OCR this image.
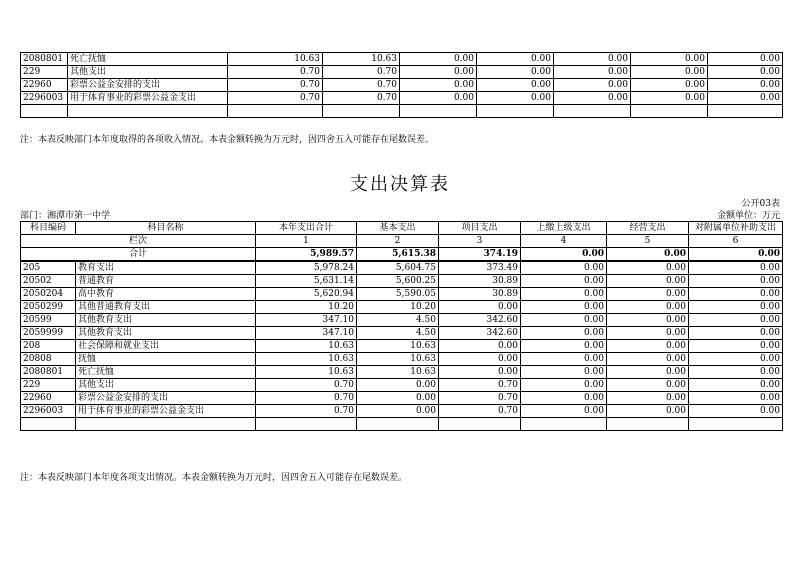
2080801	死亡抚恤	10.63	10.63	0.00	0.00	0.00	0.00	0.00
229	其他支出	0.70	0.70	0.00	0.00	0.00	0.00	0.00
22960	彩票公益金安排的支出	0.70	0.70	0.00	0.00	0.00	0.00	0.00
2296003	用于体育事业的彩票公益金支出	0.70	0.70	0.00	0.00	0.00	0.00	0.00

注：本表反映部门本年度取得的各项收入情况。本表金额转换为万元时，因四舍五入可能存在尾数误差。
支出决算表
公开03表
部门：湘潭市第一中学	金额单位：万元
科目编码	科目名称	本年支出合计	基本支出	项目支出	上缴上级支出	经营支出	对附属单位补助支出
栏次		1	2	3	4	5	6
合计		5,989.57	5,615.38	374.19	0.00	0.00	0.00
205	教育支出	5,978.24	5,604.75	373.49	0.00	0.00	0.00
20502	普通教育	5,631.14	5,600.25	30.89	0.00	0.00	0.00
2050204	高中教育	5,620.94	5,590.05	30.89	0.00	0.00	0.00
2050299	其他普通教育支出	10.20	10.20	0.00	0.00	0.00	0.00
20599	其他教育支出	347.10	4.50	342.60	0.00	0.00	0.00
2059999	其他教育支出	347.10	4.50	342.60	0.00	0.00	0.00
208	社会保障和就业支出	10.63	10.63	0.00	0.00	0.00	0.00
20808	抚恤	10.63	10.63	0.00	0.00	0.00	0.00
2080801	死亡抚恤	10.63	10.63	0.00	0.00	0.00	0.00
229	其他支出	0.70	0.00	0.70	0.00	0.00	0.00
22960	彩票公益金安排的支出	0.70	0.00	0.70	0.00	0.00	0.00
2296003	用于体育事业的彩票公益金支出	0.70	0.00	0.70	0.00	0.00	0.00

注：本表反映部门本年度各项支出情况。本表金额转换为万元时，因四舍五入可能存在尾数误差。
